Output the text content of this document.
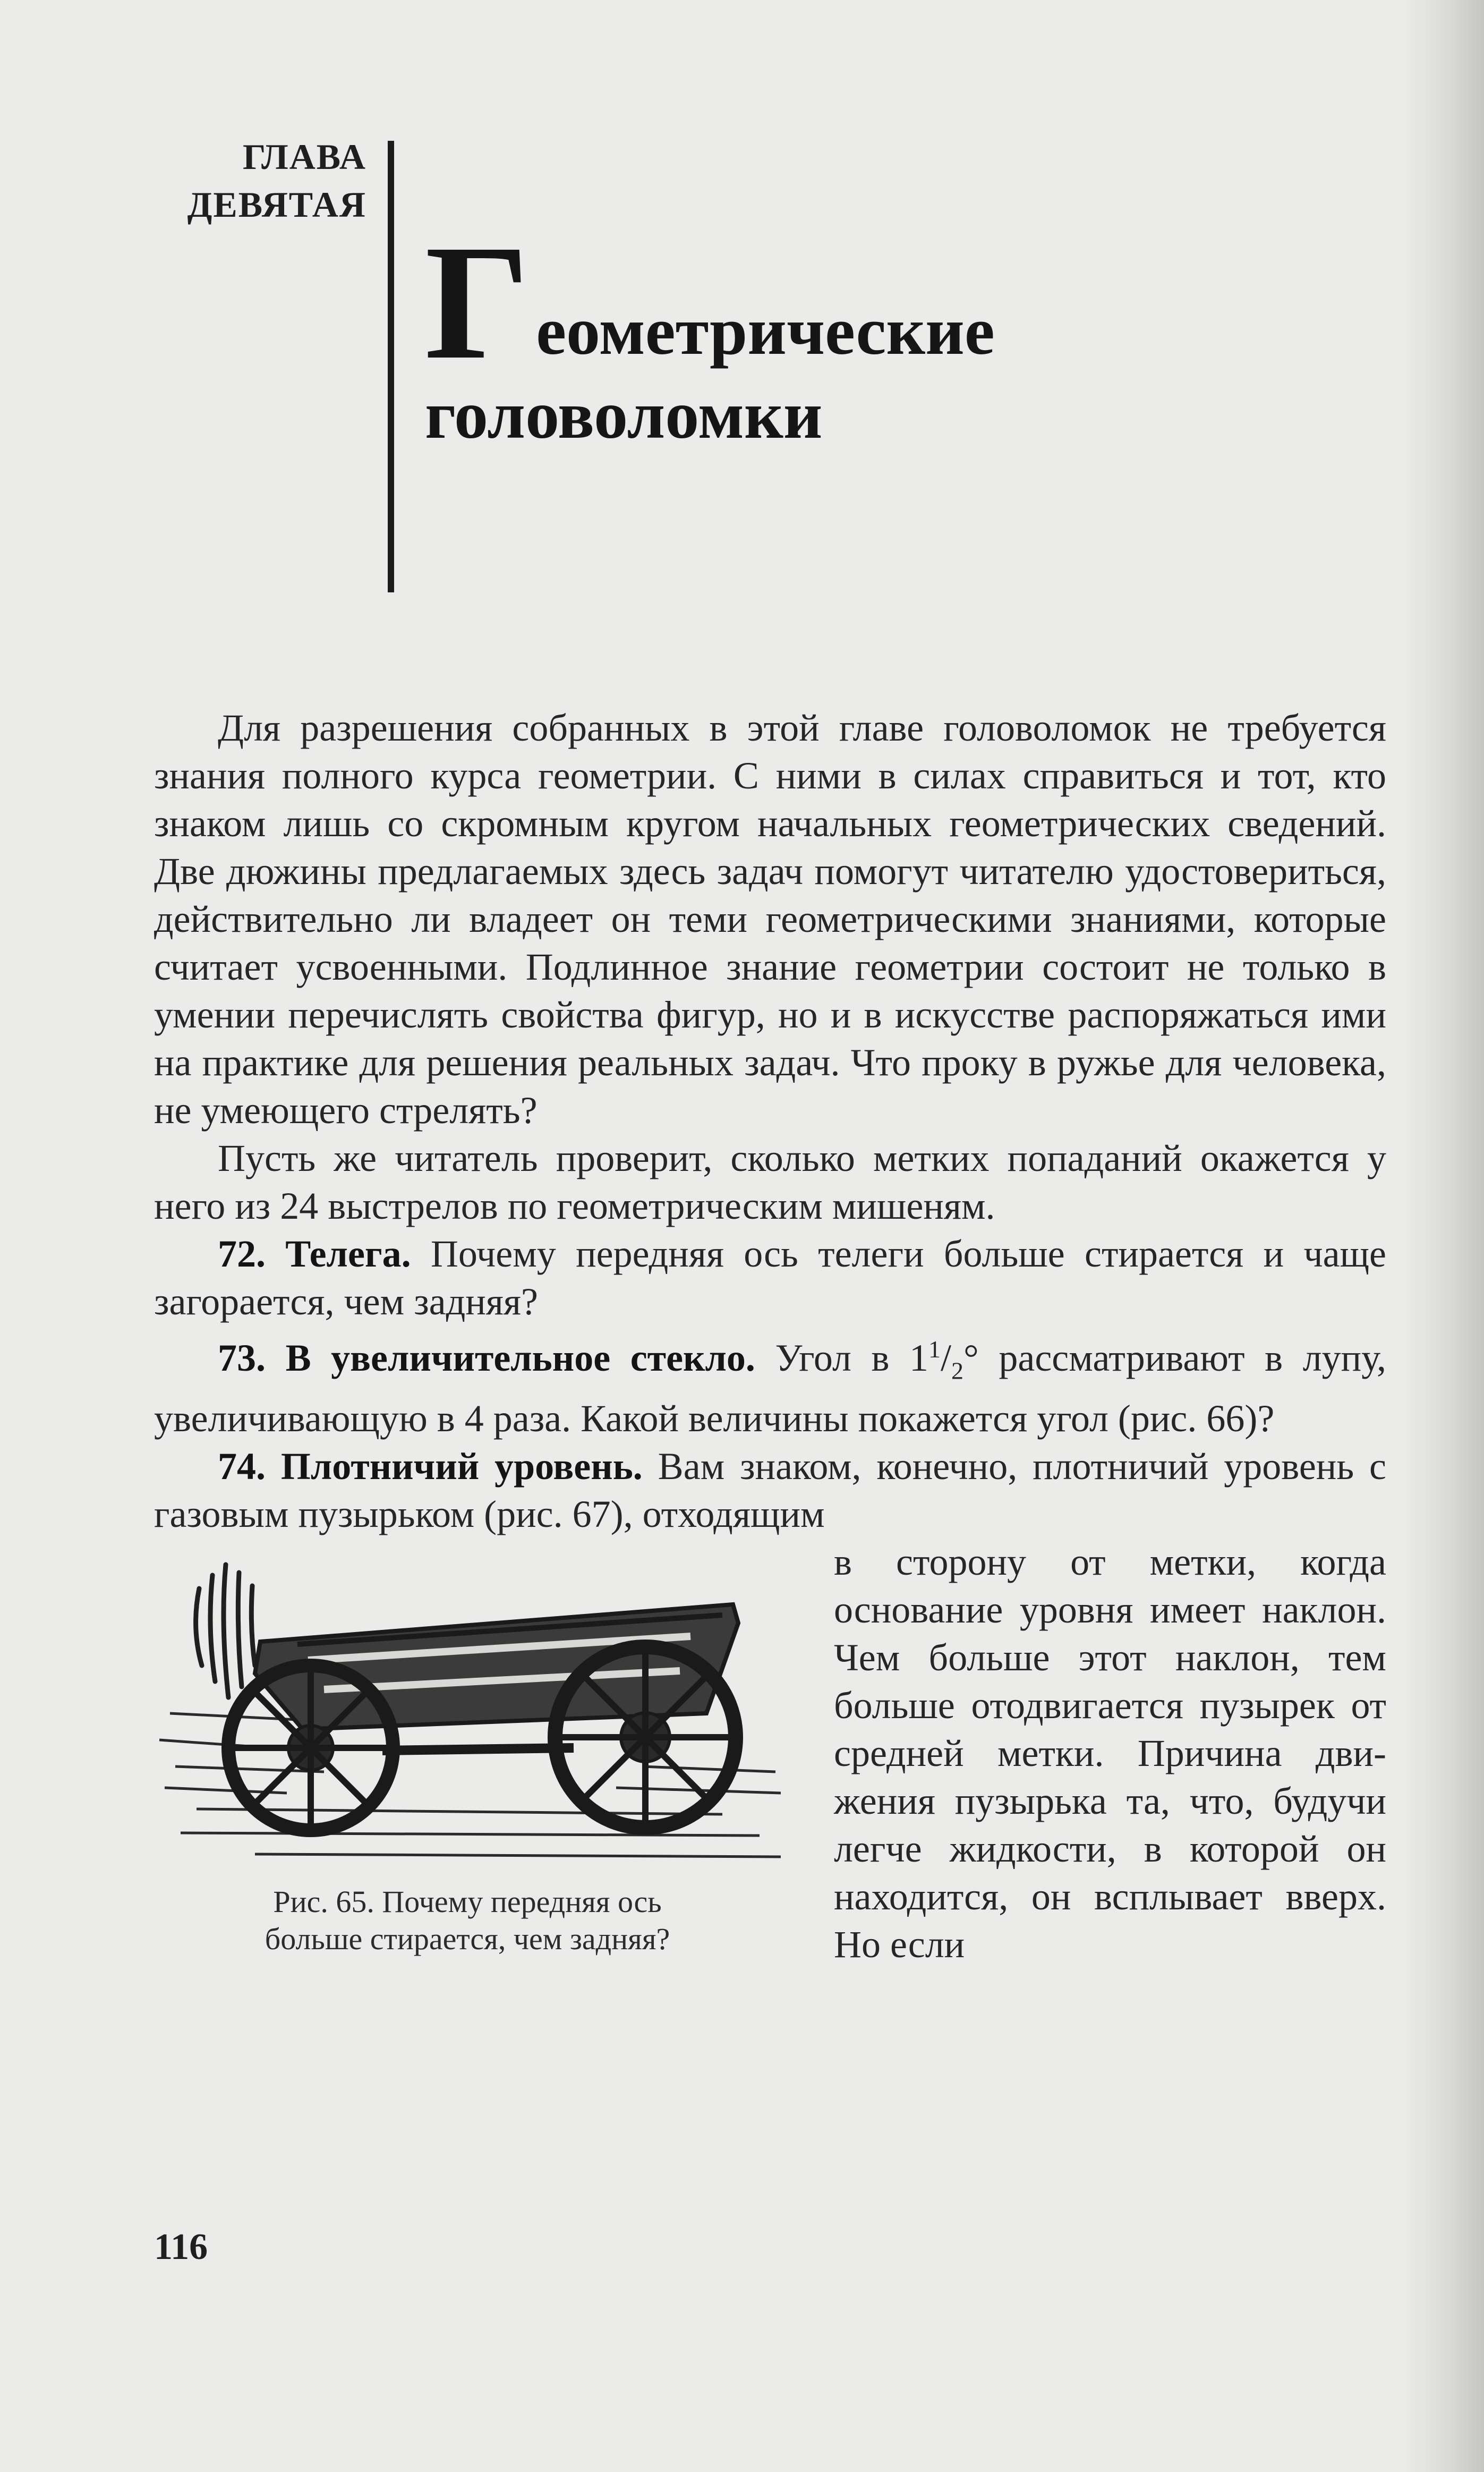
ГЛАВА
ДЕВЯТАЯ
Г еометрические
головоломки

Для разрешения собранных в этой главе головоломок не требуется знания полного курса геометрии. С ними в силах справиться и тот, кто знаком лишь со скромным кругом начальных геометрических сведений. Две дюжины предлагаемых здесь задач помогут читателю удостовериться, действительно ли владеет он теми геометрическими знаниями, которые считает усвоенными. Подлинное знание геометрии состоит не только в умении перечислять свойства фигур, но и в искусстве распоряжаться ими на практике для решения реальных задач. Что проку в ружье для человека, не умеющего стрелять?

Пусть же читатель проверит, сколько метких попаданий окажется у него из 24 выстрелов по геометрическим мишеням.

72. Телега. Почему передняя ось телеги больше стирается и чаще загорается, чем задняя?

73. В увеличительное стекло. Угол в $1^1/_2^\circ$ рассматривают в лупу, увеличивающую в 4 раза. Какой величины покажется угол (рис. 66)?

74. Плотничий уровень. Вам знаком, конечно, плотничий уровень с газовым пузырьком (рис. 67), отходящим

Рис. 65. Почему передняя ось
больше стирается, чем задняя?

в сторону от метки, когда основание уровня имеет наклон. Чем больше этот наклон, тем больше отодвигается пузырек от средней метки. Причина движения пузырька та, что, будучи легче жидкости, в которой он находится, он всплывает вверх. Но если

116
